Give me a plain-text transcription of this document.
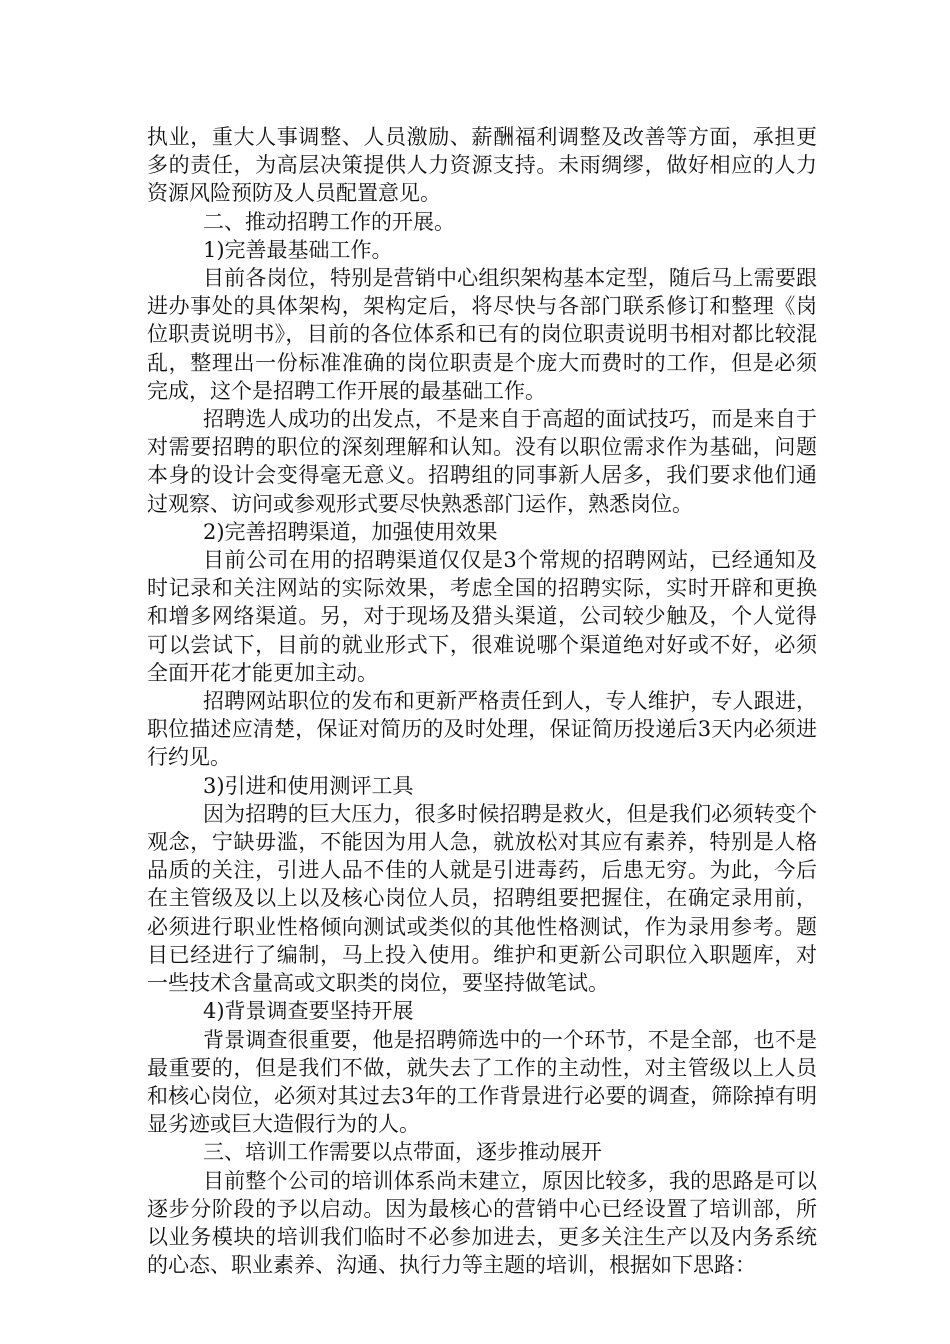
执业，重大人事调整、人员激励、薪酬福利调整及改善等方面，承担更多的责任，为高层决策提供人力资源支持。未雨绸缪，做好相应的人力资源风险预防及人员配置意见。

二、推动招聘工作的开展。

1)完善最基础工作。

目前各岗位，特别是营销中心组织架构基本定型，随后马上需要跟进办事处的具体架构，架构定后，将尽快与各部门联系修订和整理《岗位职责说明书》，目前的各位体系和已有的岗位职责说明书相对都比较混乱，整理出一份标准准确的岗位职责是个庞大而费时的工作，但是必须完成，这个是招聘工作开展的最基础工作。

招聘选人成功的出发点，不是来自于高超的面试技巧，而是来自于对需要招聘的职位的深刻理解和认知。没有以职位需求作为基础，问题本身的设计会变得毫无意义。招聘组的同事新人居多，我们要求他们通过观察、访问或参观形式要尽快熟悉部门运作，熟悉岗位。

2)完善招聘渠道，加强使用效果

目前公司在用的招聘渠道仅仅是3个常规的招聘网站，已经通知及时记录和关注网站的实际效果，考虑全国的招聘实际，实时开辟和更换和增多网络渠道。另，对于现场及猎头渠道，公司较少触及，个人觉得可以尝试下，目前的就业形式下，很难说哪个渠道绝对好或不好，必须全面开花才能更加主动。

招聘网站职位的发布和更新严格责任到人，专人维护，专人跟进，职位描述应清楚，保证对简历的及时处理，保证简历投递后3天内必须进行约见。

3)引进和使用测评工具

因为招聘的巨大压力，很多时候招聘是救火，但是我们必须转变个观念，宁缺毋滥，不能因为用人急，就放松对其应有素养，特别是人格品质的关注，引进人品不佳的人就是引进毒药，后患无穷。为此，今后在主管级及以上以及核心岗位人员，招聘组要把握住，在确定录用前，必须进行职业性格倾向测试或类似的其他性格测试，作为录用参考。题目已经进行了编制，马上投入使用。维护和更新公司职位入职题库，对一些技术含量高或文职类的岗位，要坚持做笔试。

4)背景调查要坚持开展

背景调查很重要，他是招聘筛选中的一个环节，不是全部，也不是最重要的，但是我们不做，就失去了工作的主动性，对主管级以上人员和核心岗位，必须对其过去3年的工作背景进行必要的调查，筛除掉有明显劣迹或巨大造假行为的人。

三、培训工作需要以点带面，逐步推动展开

目前整个公司的培训体系尚未建立，原因比较多，我的思路是可以逐步分阶段的予以启动。因为最核心的营销中心已经设置了培训部，所以业务模块的培训我们临时不必参加进去，更多关注生产以及内务系统的心态、职业素养、沟通、执行力等主题的培训，根据如下思路：
